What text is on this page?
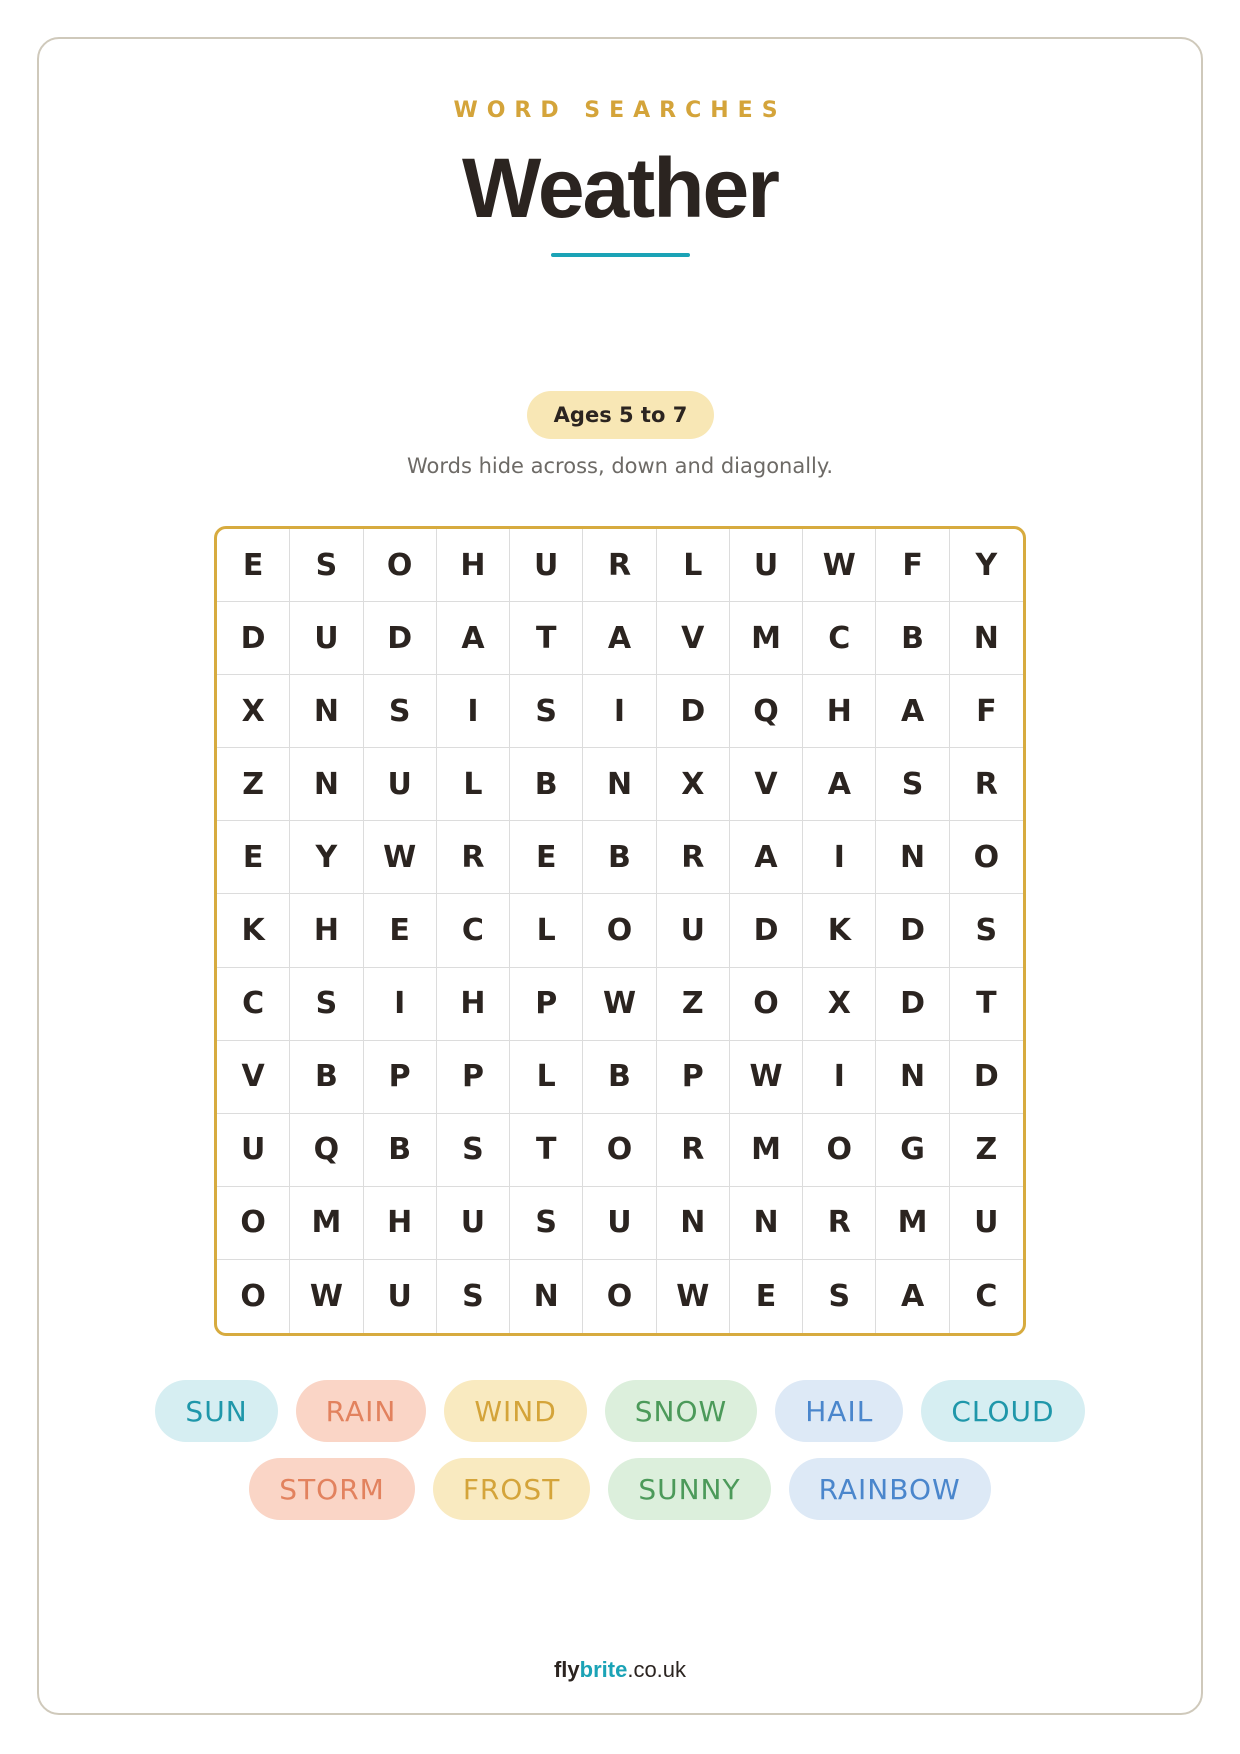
WORD SEARCHES
Weather
Ages 5 to 7
Words hide across, down and diagonally.
E	S	O	H	U	R	L	U	W	F	Y
D	U	D	A	T	A	V	M	C	B	N
X	N	S	I	S	I	D	Q	H	A	F
Z	N	U	L	B	N	X	V	A	S	R
E	Y	W	R	E	B	R	A	I	N	O
K	H	E	C	L	O	U	D	K	D	S
C	S	I	H	P	W	Z	O	X	D	T
V	B	P	P	L	B	P	W	I	N	D
U	Q	B	S	T	O	R	M	O	G	Z
O	M	H	U	S	U	N	N	R	M	U
O	W	U	S	N	O	W	E	S	A	C
SUN	RAIN	WIND	SNOW	HAIL	CLOUD
STORM	FROST	SUNNY	RAINBOW
flybrite.co.uk
